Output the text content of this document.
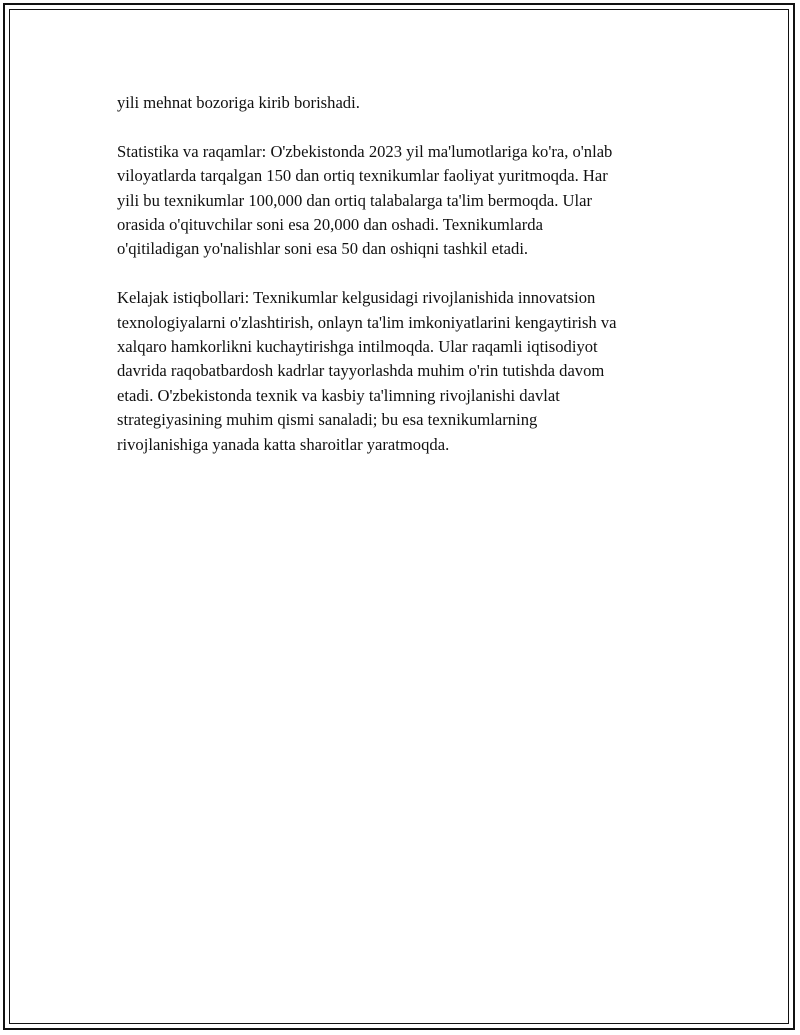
yili mehnat bozoriga kirib borishadi.

Statistika va raqamlar: O'zbekistonda 2023 yil ma'lumotlariga ko'ra, o'nlab
viloyatlarda tarqalgan 150 dan ortiq texnikumlar faoliyat yuritmoqda. Har
yili bu texnikumlar 100,000 dan ortiq talabalarga ta'lim bermoqda. Ular
orasida o'qituvchilar soni esa 20,000 dan oshadi. Texnikumlarda
o'qitiladigan yo'nalishlar soni esa 50 dan oshiqni tashkil etadi.

Kelajak istiqbollari: Texnikumlar kelgusidagi rivojlanishida innovatsion
texnologiyalarni o'zlashtirish, onlayn ta'lim imkoniyatlarini kengaytirish va
xalqaro hamkorlikni kuchaytirishga intilmoqda. Ular raqamli iqtisodiyot
davrida raqobatbardosh kadrlar tayyorlashda muhim o'rin tutishda davom
etadi. O'zbekistonda texnik va kasbiy ta'limning rivojlanishi davlat
strategiyasining muhim qismi sanaladi; bu esa texnikumlarning
rivojlanishiga yanada katta sharoitlar yaratmoqda.
